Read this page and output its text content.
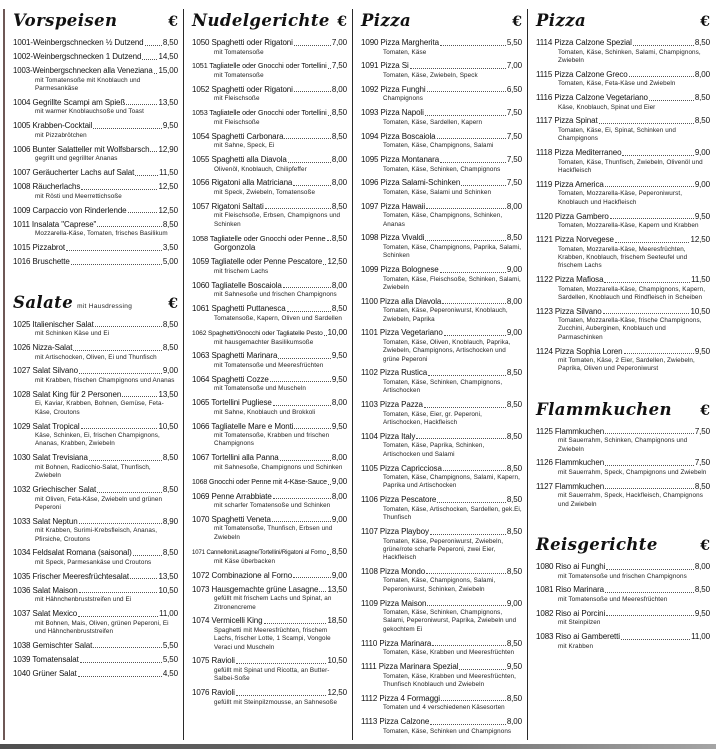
Vorspeisen	€
1001-Weinbergschnecken ½ Dutzend 8,50
1002-Weinbergschnecken 1 Dutzend 14,50
1003-Weinbergschnecken alla Veneziana 15,00
mit Tomatensoße mit Knoblauch und Parmesankäse
1004 Gegrillte Scampi am Spieß	13,50
mit warmer Knoblauchsoße und Toast
1005 Krabben-Cocktail	9,50
mit Pizzabrötchen
1006 Bunter Salatteller mit Wolfsbarsch 12,90
gegrillt und gegrillter Ananas
1007 Geräucherter Lachs auf Salat	11,50
1008 Räucherlachs	12,50
mit Rösti und Meerrettichsoße
1009 Carpaccio von Rinderlende	12,50
1011 Insalata "Caprese"	8,50
Mozzarella-Käse, Tomaten, frisches Basilikum
1015 Pizzabrot	3,50
1016 Bruschette	5,00
Salate mit Hausdressing	€
1025 Italienischer Salat	8,50
mit Schinken Käse und Ei
1026 Nizza-Salat	8,50
mit Artischocken, Oliven, Ei und Thunfisch
1027 Salat Silvano	9,00
mit Krabben, frischen Champignons und Ananas
1028 Salat King für 2 Personen	13,50
Ei, Kaviar, Krabben, Bohnen, Gemüse, Feta-Käse, Croutons
1029 Salat Tropical	10,50
Käse, Schinken, Ei, frischen Champignons, Ananas, Krabben, Zwiebeln
1030 Salat Trevisiana	8,50
mit Bohnen, Radicchio-Salat, Thunfisch, Zwiebeln
1032 Griechischer Salat	8,50
mit Oliven, Feta-Käse, Zwiebeln und grünen Peperoni
1033 Salat Neptun	8,90
mit Krabben, Surimi-Krebsfleisch, Ananas, Pfirsiche, Croutons
1034 Feldsalat Romana (saisonal)	8,50
mit Speck, Parmesankäse und Croutons
1035 Frischer Meeresfrüchtesalat	13,50
1036 Salat Maison	10,50
mit Hähnchenbruststreifen und Ei
1037 Salat Mexico	11,00
mit Bohnen, Mais, Oliven, grünen Peperoni, Ei und Hähnchenbruststreifen
1038 Gemischter Salat	5,50
1039 Tomatensalat	5,50
1040 Grüner Salat	4,50
Nudelgerichte €
1050 Spaghetti oder Rigatoni	7,00
mit Tomatensoße
1051 Tagliatelle oder Gnocchi oder Tortellini 7,50
mit Tomatensoße
1052 Spaghetti oder Rigatoni	8,00
mit Fleischsoße
1053 Tagliatelle oder Gnocchi oder Tortellini 8,50
mit Fleischsoße
1054 Spaghetti Carbonara	8,50
mit Sahne, Speck, Ei
1055 Spaghetti alla Diavola	8,00
Olivenöl, Knoblauch, Chilipfeffer
1056 Rigatoni alla Matriciana	8,00
mit Speck, Zwiebeln, Tomatensoße
1057 Rigatoni Saltati	8,50
mit Fleischsoße, Erbsen, Champignons und Schinken
1058 Tagliatelle oder Gnocchi oder Penne 8,50
Gorgonzola
1059 Tagliatelle oder Penne Pescatore 12,50
mit frischem Lachs
1060 Tagliatelle Boscaiola	8,00
mit Sahnesoße und frischen Champignons
1061 Spaghetti Puttanesca	8,50
Tomatensoße, Kapern, Oliven und Sardellen
1062 Spaghetti/Gnocchi oder Tagliatelle Pesto 10,00
mit hausgemachter Basilikumsoße
1063 Spaghetti Marinara	9,50
mit Tomatensoße und Meeresfrüchten
1064 Spaghetti Cozze	9,50
mit Tomatensoße und Muscheln
1065 Tortellini Pugliese	8,00
mit Sahne, Knoblauch und Brokkoli
1066 Tagliatelle Mare e Monti	9,50
mit Tomatensoße, Krabben und frischen Champignons
1067 Tortellini alla Panna	8,00
mit Sahnesoße, Champignons und Schinken
1068 Gnocchi oder Penne mit 4-Käse-Sauce 9,00
1069 Penne Arrabbiate	8,00
mit scharfer Tomatensoße und Schinken
1070 Spaghetti Veneta	9,00
mit Tomatensoße, Thunfisch, Erbsen und Zwiebeln
1071 Cannelloni/Lasagne/Tortellini/Rigatoni al Forno 8,50
mit Käse überbacken
1072 Combinazione al Forno	9,00
1073 Hausgemachte grüne Lasagne 13,50
gefüllt mit frischem Lachs und Spinat, an Zitronencreme
1074 Vermicelli King	18,50
Spaghetti mit Meeresfrüchten, frischem Lachs, frischer Lotte, 1 Scampi, Vongole Veraci und Muscheln
1075 Ravioli	10,50
gefüllt mit Spinat und Ricotta, an Butter-Salbei-Soße
1076 Ravioli	12,50
gefüllt mit Steinpilzmousse, an Sahnesoße
Pizza	€
1090 Pizza Margherita	5,50
Tomaten, Käse
1091 Pizza Si	7,00
Tomaten, Käse, Zwiebeln, Speck
1092 Pizza Funghi	6,50
Champignons
1093 Pizza Napoli	7,50
Tomaten, Käse, Sardellen, Kapern
1094 Pizza Boscaiola	7,50
Tomaten, Käse, Champignons, Salami
1095 Pizza Montanara	7,50
Tomaten, Käse, Schinken, Champignons
1096 Pizza Salami-Schinken	7,50
Tomaten, Käse, Salami und Schinken
1097 Pizza Hawaii	8,00
Tomaten, Käse, Champignons, Schinken, Ananas
1098 Pizza Vivaldi	8,50
Tomaten, Käse, Champignons, Paprika, Salami, Schinken
1099 Pizza Bolognese	9,00
Tomaten, Käse, Fleischsoße, Schinken, Salami, Zwiebeln
1100 Pizza alla Diavola	8,00
Tomaten, Käse, Peperoniwurst, Knoblauch, Zwiebeln, Paprika
1101 Pizza Vegetariano	9,00
Tomaten, Käse, Oliven, Knoblauch, Paprika, Zwiebeln, Champignons, Artischocken und grüne Peperoni
1102 Pizza Rustica	8,50
Tomaten, Käse, Schinken, Champignons, Artischocken
1103 Pizza Pazza	8,50
Tomaten, Käse, Eier, gr. Peperoni, Artischocken, Hackfleisch
1104 Pizza Italy	8,50
Tomaten, Käse, Paprika, Schinken, Artischocken und Salami
1105 Pizza Capricciosa	8,50
Tomaten, Käse, Champignons, Salami, Kapern, Paprika und Artischocken
1106 Pizza Pescatore	8,50
Tomaten, Käse, Artischocken, Sardellen, gek.Ei, Thunfisch
1107 Pizza Playboy	8,50
Tomaten, Käse, Peperoniwurst, Zwiebeln, grüne/rote scharfe Peperoni, zwei Eier, Hackfleisch
1108 Pizza Mondo	8,50
Tomaten, Käse, Champignons, Salami, Peperoniwurst, Schinken, Zwiebeln
1109 Pizza Maison	9,00
Tomaten, Käse, Schinken, Champignons, Salami, Peperoniwurst, Paprika, Zwiebeln und gekochtem Ei
1110 Pizza Marinara	8,50
Tomaten, Käse, Krabben und Meeresfrüchten
1111 Pizza Marinara Spezial	9,50
Tomaten, Käse, Krabben und Meeresfrüchten, Thunfisch Knoblauch und Zwiebeln
1112 Pizza 4 Formaggi	8,50
Tomaten und 4 verschiedenen Käsesorten
1113 Pizza Calzone	8,00
Tomaten, Käse, Schinken und Champignons
Pizza	€
1114 Pizza Calzone Spezial	8,50
Tomaten, Käse, Schinken, Salami, Champignons, Zwiebeln
1115 Pizza Calzone Greco	8,00
Tomaten, Käse, Feta-Käse und Zwiebeln
1116 Pizza Calzone Vegetariano	8,50
Käse, Knoblauch, Spinat und Eier
1117 Pizza Spinat	8,50
Tomaten, Käse, Ei, Spinat, Schinken und Champignons
1118 Pizza Mediterraneo	9,00
Tomaten, Käse, Thunfisch, Zwiebeln, Olivenöl und Hackfleisch
1119 Pizza America	9,00
Tomaten, Mozzarella-Käse, Peperoniwurst, Knoblauch und Hackfleisch
1120 Pizza Gambero	9,50
Tomaten, Mozzarella-Käse, Kapern und Krabben
1121 Pizza Norvegese	12,50
Tomaten, Mozzarella-Käse, Meeresfrüchten, Krabben, Knoblauch, frischem Seeteufel und frischem Lachs
1122 Pizza Mafiosa	11,50
Tomaten, Mozzarella-Käse, Champignons, Kapern, Sardellen, Knoblauch und Rindfleisch in Scheiben
1123 Pizza Silvano	10,50
Tomaten, Mozzarella-Käse, frische Champignons, Zucchini, Auberginen, Knoblauch und Parmaschinken
1124 Pizza Sophia Loren	9,50
mit Tomaten, Käse, 2 Eier, Sardellen, Zwiebeln, Paprika, Oliven und Peperoniwurst
Flammkuchen €
1125 Flammkuchen	7,50
mit Sauerrahm, Schinken, Champignons und Zwiebeln
1126 Flammkuchen	7,50
mit Sauerrahm, Speck, Champignons und Zwiebeln
1127 Flammkuchen	8,50
mit Sauerrahm, Speck, Hackfleisch, Champignons und Zwiebeln
Reisgerichte	€
1080 Riso ai Funghi	8,00
mit Tomatensoße und frischen Champignons
1081 Riso Marinara	8,50
mit Tomatensoße und Meeresfrüchten
1082 Riso ai Porcini	9,50
mit Steinpilzen
1083 Riso ai Gamberetti	11,00
mit Krabben
